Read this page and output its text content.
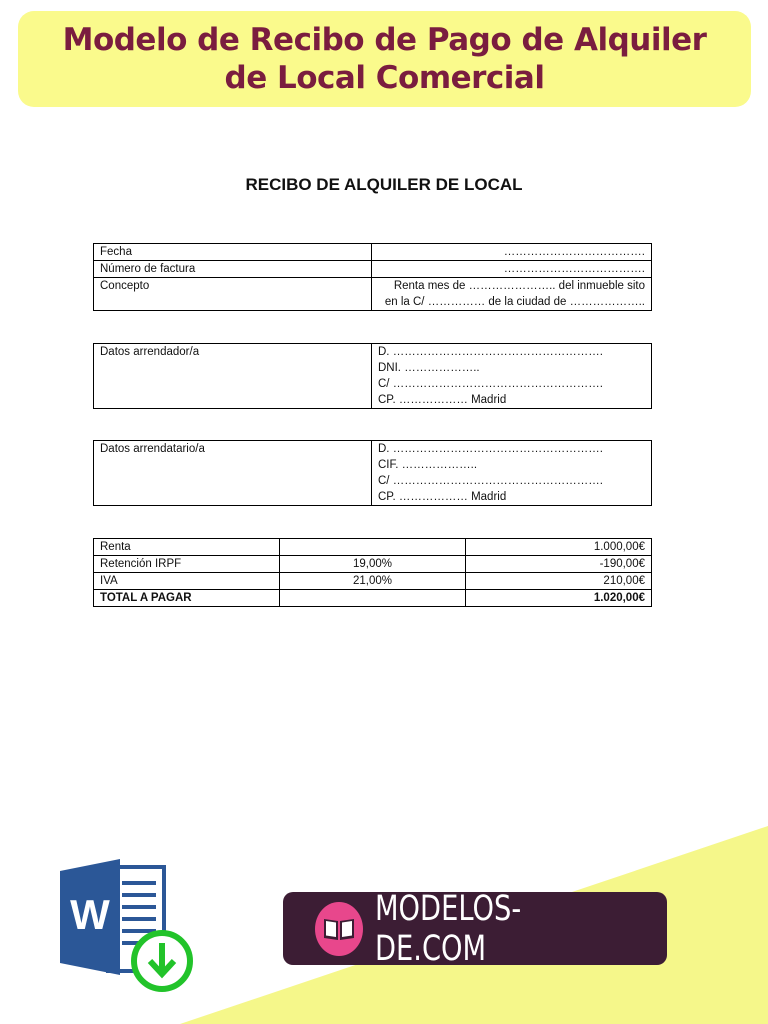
Modelo de Recibo de Pago de Alquiler
de Local Comercial
RECIBO DE ALQUILER DE LOCAL
Fecha	……………………………….
Número de factura	……………………………….
Concepto	Renta mes de ………………….. del inmueble sito
en la C/ …………… de la ciudad de ………………..
Datos arrendador/a	D. ……………………………………………….
DNI. ………………..
C/ ……………………………………………….
CP. ……………… Madrid
Datos arrendatario/a	D. ……………………………………………….
CIF. ………………..
C/ ……………………………………………….
CP. ……………… Madrid
Renta		1.000,00€
Retención IRPF	19,00%	-190,00€
IVA	21,00%	210,00€
TOTAL A PAGAR		1.020,00€
W	MODELOS-DE.COM
